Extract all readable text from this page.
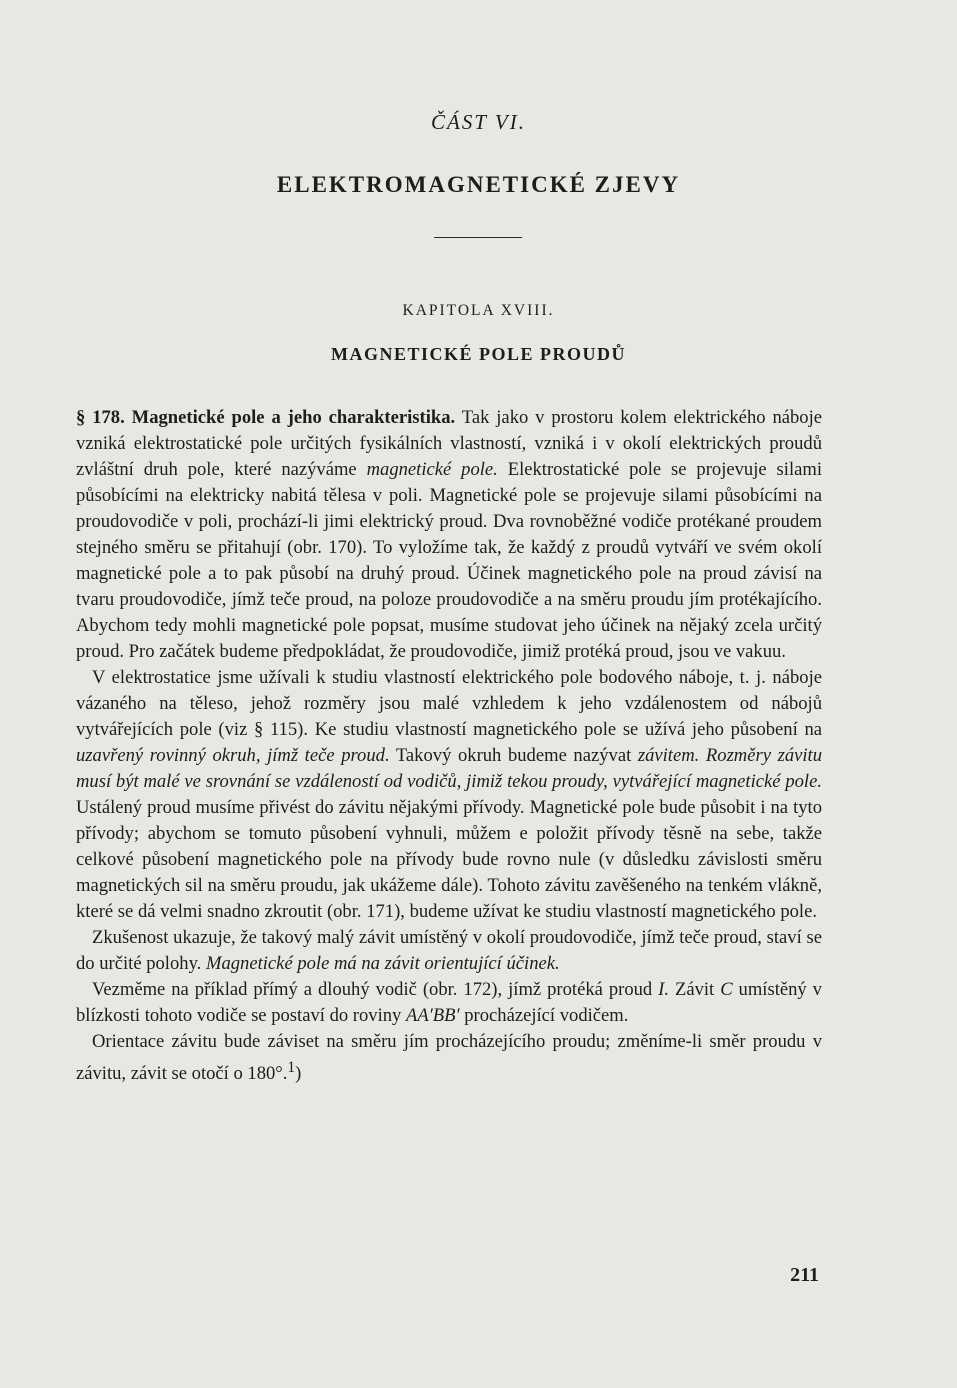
ČÁST VI.
ELEKTROMAGNETICKÉ ZJEVY
KAPITOLA XVIII.
MAGNETICKÉ POLE PROUDŮ

§ 178. Magnetické pole a jeho charakteristika. Tak jako v prostoru kolem elektrického náboje vzniká elektrostatické pole určitých fysikálních vlastností, vzniká i v okolí elektrických proudů zvláštní druh pole, které nazýváme magnetické pole. Elektrostatické pole se projevuje silami působícími na elektricky nabitá tělesa v poli. Magnetické pole se projevuje silami působícími na proudovodiče v poli, prochází-li jimi elektrický proud. Dva rovnoběžné vodiče protékané proudem stejného směru se přitahují (obr. 170). To vyložíme tak, že každý z proudů vytváří ve svém okolí magnetické pole a to pak působí na druhý proud. Účinek magnetického pole na proud závisí na tvaru proudovodiče, jímž teče proud, na poloze proudovodiče a na směru proudu jím protékajícího. Abychom tedy mohli magnetické pole popsat, musíme studovat jeho účinek na nějaký zcela určitý proud. Pro začátek budeme předpokládat, že proudovodiče, jimiž protéká proud, jsou ve vakuu.

V elektrostatice jsme užívali k studiu vlastností elektrického pole bodového náboje, t. j. náboje vázaného na těleso, jehož rozměry jsou malé vzhledem k jeho vzdálenostem od nábojů vytvářejících pole (viz § 115). Ke studiu vlastností magnetického pole se užívá jeho působení na uzavřený rovinný okruh, jímž teče proud. Takový okruh budeme nazývat závitem. Rozměry závitu musí být malé ve srovnání se vzdáleností od vodičů, jimiž tekou proudy, vytvářející magnetické pole. Ustálený proud musíme přivést do závitu nějakými přívody. Magnetické pole bude působit i na tyto přívody; abychom se tomuto působení vyhnuli, můžem e položit přívody těsně na sebe, takže celkové působení magnetického pole na přívody bude rovno nule (v důsledku závislosti směru magnetických sil na směru proudu, jak ukážeme dále). Tohoto závitu zavěšeného na tenkém vlákně, které se dá velmi snadno zkroutit (obr. 171), budeme užívat ke studiu vlastností magnetického pole.

Zkušenost ukazuje, že takový malý závit umístěný v okolí proudovodiče, jímž teče proud, staví se do určité polohy. Magnetické pole má na závit orientující účinek.

Vezměme na příklad přímý a dlouhý vodič (obr. 172), jímž protéká proud I. Závit C umístěný v blízkosti tohoto vodiče se postaví do roviny AA′BB′ procházející vodičem.

Orientace závitu bude záviset na směru jím procházejícího proudu; změníme-li směr proudu v závitu, závit se otočí o 180°.$^1$)

211
